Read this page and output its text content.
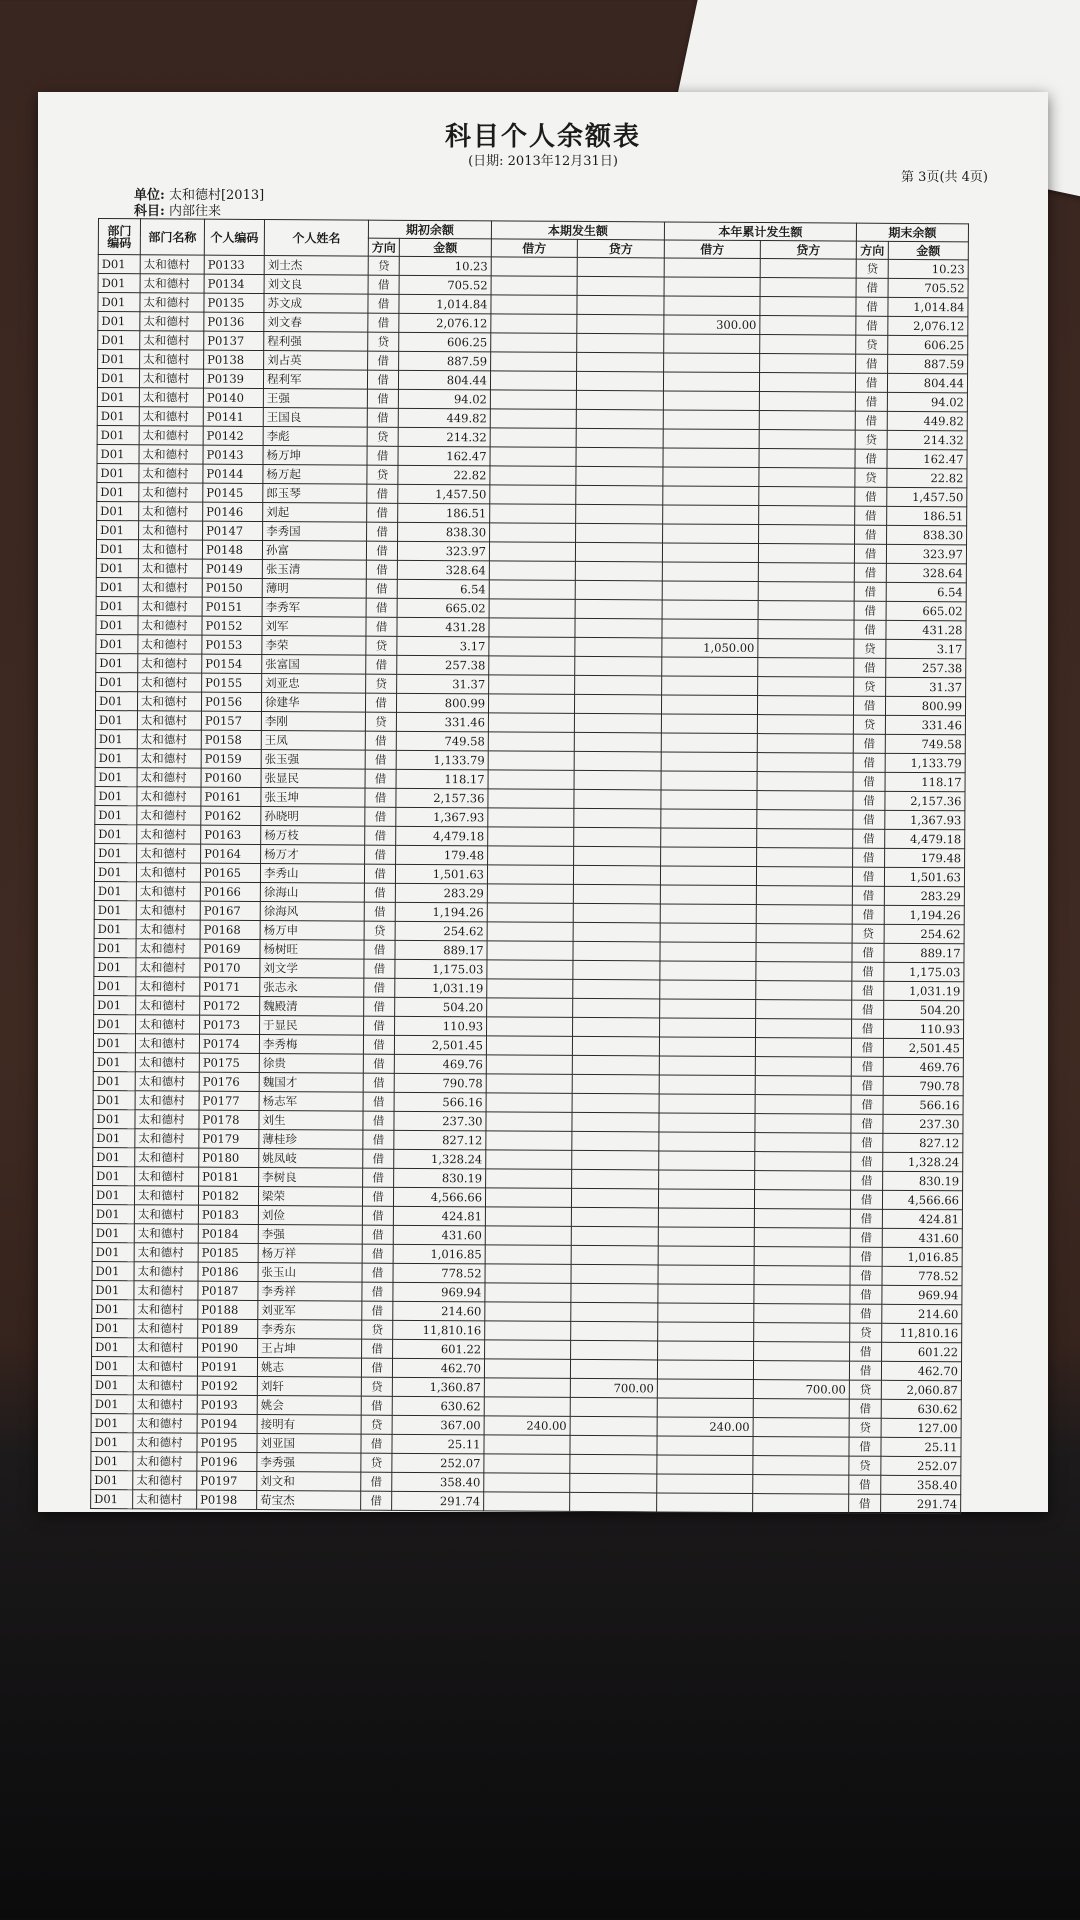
科目个人余额表
(日期: 2013年12月31日)
第 3页(共 4页)
单位: 太和德村[2013]
科目: 内部往来
部门编码	部门名称	个人编码	个人姓名	期初余额		本期发生额		本年累计发生额		期末余额	
				方向	金额	借方	贷方	借方	贷方	方向	金额
D01	太和德村	P0133	刘士杰	贷	10.23					贷	10.23
D01	太和德村	P0134	刘文良	借	705.52					借	705.52
D01	太和德村	P0135	苏文成	借	1,014.84					借	1,014.84
D01	太和德村	P0136	刘文春	借	2,076.12			300.00		借	2,076.12
D01	太和德村	P0137	程利强	贷	606.25					贷	606.25
D01	太和德村	P0138	刘占英	借	887.59					借	887.59
D01	太和德村	P0139	程利军	借	804.44					借	804.44
D01	太和德村	P0140	王强	借	94.02					借	94.02
D01	太和德村	P0141	王国良	借	449.82					借	449.82
D01	太和德村	P0142	李彪	贷	214.32					贷	214.32
D01	太和德村	P0143	杨万坤	借	162.47					借	162.47
D01	太和德村	P0144	杨万起	贷	22.82					贷	22.82
D01	太和德村	P0145	郎玉琴	借	1,457.50					借	1,457.50
D01	太和德村	P0146	刘起	借	186.51					借	186.51
D01	太和德村	P0147	李秀国	借	838.30					借	838.30
D01	太和德村	P0148	孙富	借	323.97					借	323.97
D01	太和德村	P0149	张玉清	借	328.64					借	328.64
D01	太和德村	P0150	薄明	借	6.54					借	6.54
D01	太和德村	P0151	李秀军	借	665.02					借	665.02
D01	太和德村	P0152	刘军	借	431.28					借	431.28
D01	太和德村	P0153	李荣	贷	3.17			1,050.00		贷	3.17
D01	太和德村	P0154	张富国	借	257.38					借	257.38
D01	太和德村	P0155	刘亚忠	贷	31.37					贷	31.37
D01	太和德村	P0156	徐建华	借	800.99					借	800.99
D01	太和德村	P0157	李刚	贷	331.46					贷	331.46
D01	太和德村	P0158	王凤	借	749.58					借	749.58
D01	太和德村	P0159	张玉强	借	1,133.79					借	1,133.79
D01	太和德村	P0160	张显民	借	118.17					借	118.17
D01	太和德村	P0161	张玉坤	借	2,157.36					借	2,157.36
D01	太和德村	P0162	孙晓明	借	1,367.93					借	1,367.93
D01	太和德村	P0163	杨万枝	借	4,479.18					借	4,479.18
D01	太和德村	P0164	杨万才	借	179.48					借	179.48
D01	太和德村	P0165	李秀山	借	1,501.63					借	1,501.63
D01	太和德村	P0166	徐海山	借	283.29					借	283.29
D01	太和德村	P0167	徐海风	借	1,194.26					借	1,194.26
D01	太和德村	P0168	杨万申	贷	254.62					贷	254.62
D01	太和德村	P0169	杨树旺	借	889.17					借	889.17
D01	太和德村	P0170	刘文学	借	1,175.03					借	1,175.03
D01	太和德村	P0171	张志永	借	1,031.19					借	1,031.19
D01	太和德村	P0172	魏殿清	借	504.20					借	504.20
D01	太和德村	P0173	于显民	借	110.93					借	110.93
D01	太和德村	P0174	李秀梅	借	2,501.45					借	2,501.45
D01	太和德村	P0175	徐贵	借	469.76					借	469.76
D01	太和德村	P0176	魏国才	借	790.78					借	790.78
D01	太和德村	P0177	杨志军	借	566.16					借	566.16
D01	太和德村	P0178	刘生	借	237.30					借	237.30
D01	太和德村	P0179	薄桂珍	借	827.12					借	827.12
D01	太和德村	P0180	姚凤岐	借	1,328.24					借	1,328.24
D01	太和德村	P0181	李树良	借	830.19					借	830.19
D01	太和德村	P0182	梁荣	借	4,566.66					借	4,566.66
D01	太和德村	P0183	刘俭	借	424.81					借	424.81
D01	太和德村	P0184	李强	借	431.60					借	431.60
D01	太和德村	P0185	杨万祥	借	1,016.85					借	1,016.85
D01	太和德村	P0186	张玉山	借	778.52					借	778.52
D01	太和德村	P0187	李秀祥	借	969.94					借	969.94
D01	太和德村	P0188	刘亚军	借	214.60					借	214.60
D01	太和德村	P0189	李秀东	贷	11,810.16					贷	11,810.16
D01	太和德村	P0190	王占坤	借	601.22					借	601.22
D01	太和德村	P0191	姚志	借	462.70					借	462.70
D01	太和德村	P0192	刘轩	贷	1,360.87		700.00		700.00	贷	2,060.87
D01	太和德村	P0193	姚会	借	630.62					借	630.62
D01	太和德村	P0194	接明有	贷	367.00	240.00		240.00		贷	127.00
D01	太和德村	P0195	刘亚国	借	25.11					借	25.11
D01	太和德村	P0196	李秀强	贷	252.07					贷	252.07
D01	太和德村	P0197	刘文和	借	358.40					借	358.40
D01	太和德村	P0198	荀宝杰	借	291.74					借	291.74
